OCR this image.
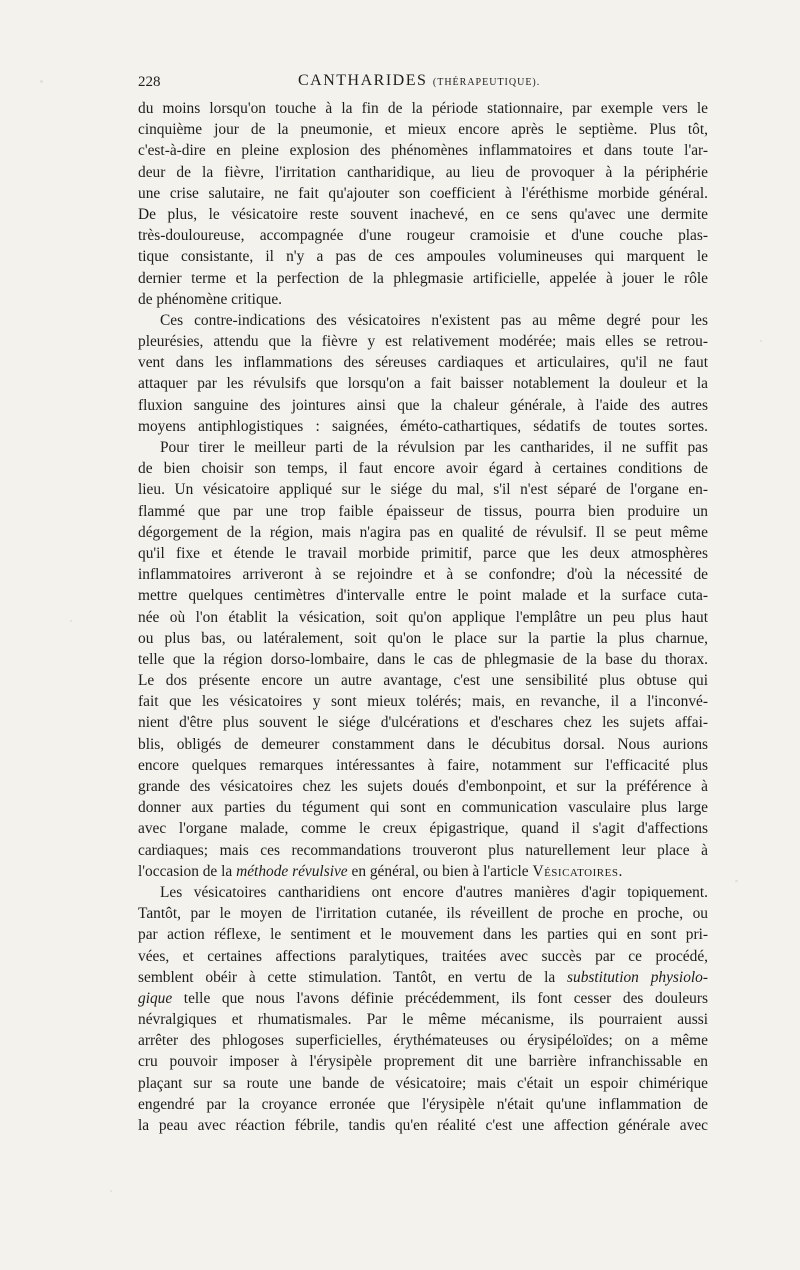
228	CANTHARIDES (THÉRAPEUTIQUE).
du moins lorsqu'on touche à la fin de la période stationnaire, par exemple vers le
cinquième jour de la pneumonie, et mieux encore après le septième. Plus tôt,
c'est-à-dire en pleine explosion des phénomènes inflammatoires et dans toute l'ar-
deur de la fièvre, l'irritation cantharidique, au lieu de provoquer à la périphérie
une crise salutaire, ne fait qu'ajouter son coefficient à l'éréthisme morbide général.
De plus, le vésicatoire reste souvent inachevé, en ce sens qu'avec une dermite
très-douloureuse, accompagnée d'une rougeur cramoisie et d'une couche plas-
tique consistante, il n'y a pas de ces ampoules volumineuses qui marquent le
dernier terme et la perfection de la phlegmasie artificielle, appelée à jouer le rôle
de phénomène critique.
Ces contre-indications des vésicatoires n'existent pas au même degré pour les
pleurésies, attendu que la fièvre y est relativement modérée; mais elles se retrou-
vent dans les inflammations des séreuses cardiaques et articulaires, qu'il ne faut
attaquer par les révulsifs que lorsqu'on a fait baisser notablement la douleur et la
fluxion sanguine des jointures ainsi que la chaleur générale, à l'aide des autres
moyens antiphlogistiques : saignées, éméto-cathartiques, sédatifs de toutes sortes.
Pour tirer le meilleur parti de la révulsion par les cantharides, il ne suffit pas
de bien choisir son temps, il faut encore avoir égard à certaines conditions de
lieu. Un vésicatoire appliqué sur le siége du mal, s'il n'est séparé de l'organe en-
flammé que par une trop faible épaisseur de tissus, pourra bien produire un
dégorgement de la région, mais n'agira pas en qualité de révulsif. Il se peut même
qu'il fixe et étende le travail morbide primitif, parce que les deux atmosphères
inflammatoires arriveront à se rejoindre et à se confondre; d'où la nécessité de
mettre quelques centimètres d'intervalle entre le point malade et la surface cuta-
née où l'on établit la vésication, soit qu'on applique l'emplâtre un peu plus haut
ou plus bas, ou latéralement, soit qu'on le place sur la partie la plus charnue,
telle que la région dorso-lombaire, dans le cas de phlegmasie de la base du thorax.
Le dos présente encore un autre avantage, c'est une sensibilité plus obtuse qui
fait que les vésicatoires y sont mieux tolérés; mais, en revanche, il a l'inconvé-
nient d'être plus souvent le siége d'ulcérations et d'eschares chez les sujets affai-
blis, obligés de demeurer constamment dans le décubitus dorsal. Nous aurions
encore quelques remarques intéressantes à faire, notamment sur l'efficacité plus
grande des vésicatoires chez les sujets doués d'embonpoint, et sur la préférence à
donner aux parties du tégument qui sont en communication vasculaire plus large
avec l'organe malade, comme le creux épigastrique, quand il s'agit d'affections
cardiaques; mais ces recommandations trouveront plus naturellement leur place à
l'occasion de la méthode révulsive en général, ou bien à l'article Vésicatoires.
Les vésicatoires cantharidiens ont encore d'autres manières d'agir topiquement.
Tantôt, par le moyen de l'irritation cutanée, ils réveillent de proche en proche, ou
par action réflexe, le sentiment et le mouvement dans les parties qui en sont pri-
vées, et certaines affections paralytiques, traitées avec succès par ce procédé,
semblent obéir à cette stimulation. Tantôt, en vertu de la substitution physiolo-
gique telle que nous l'avons définie précédemment, ils font cesser des douleurs
névralgiques et rhumatismales. Par le même mécanisme, ils pourraient aussi
arrêter des phlogoses superficielles, érythémateuses ou érysipéloïdes; on a même
cru pouvoir imposer à l'érysipèle proprement dit une barrière infranchissable en
plaçant sur sa route une bande de vésicatoire; mais c'était un espoir chimérique
engendré par la croyance erronée que l'érysipèle n'était qu'une inflammation de
la peau avec réaction fébrile, tandis qu'en réalité c'est une affection générale avec
